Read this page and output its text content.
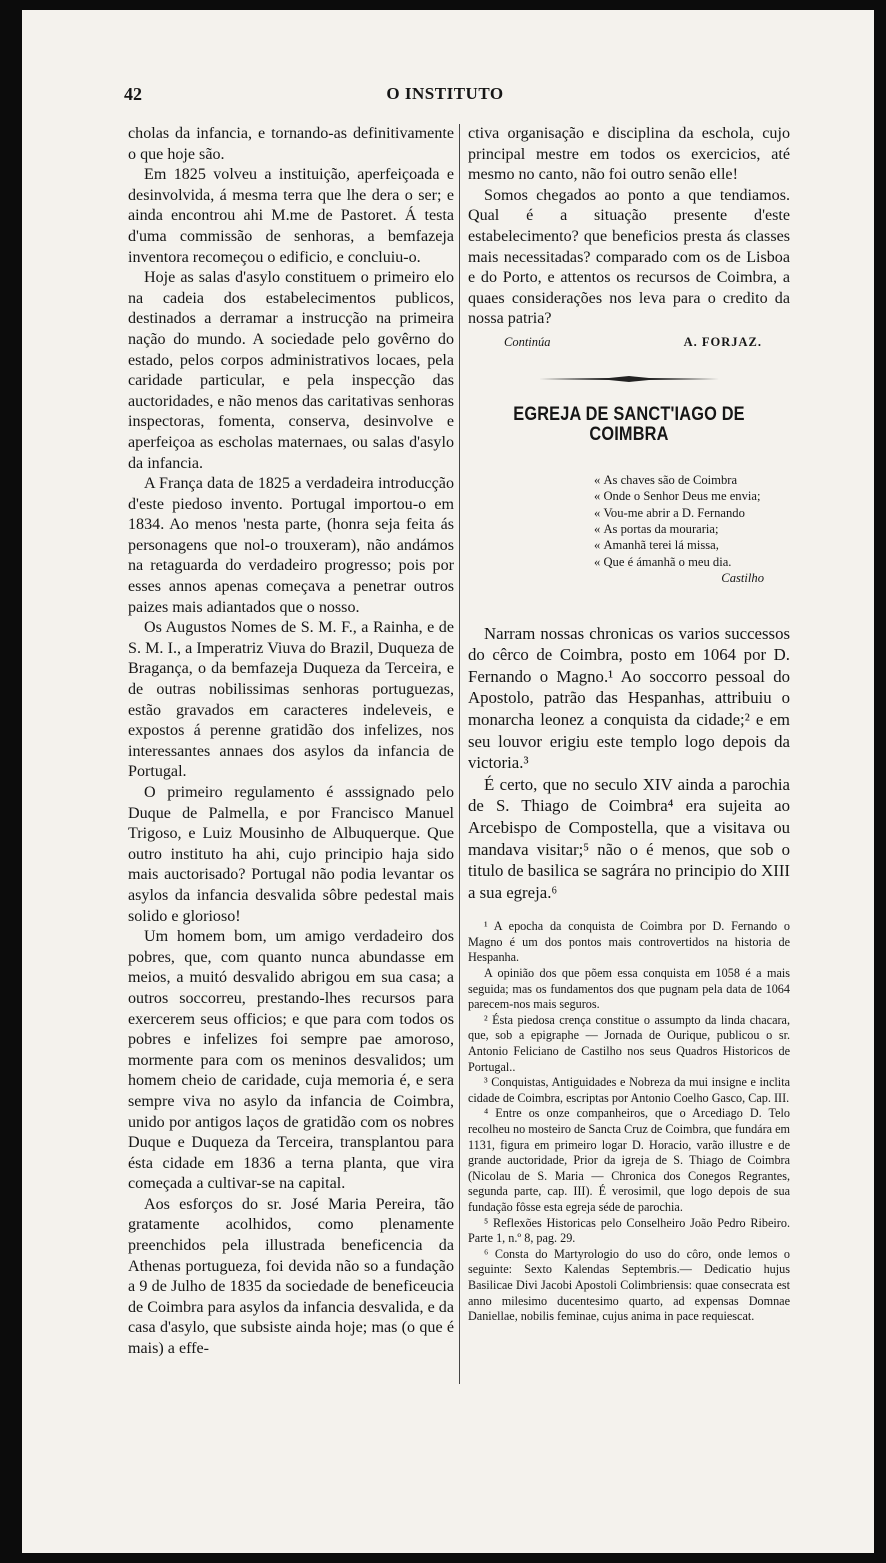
42	O INSTITUTO

cholas da infancia, e tornando-as definitivamente o que hoje são.

Em 1825 volveu a instituição, aperfeiçoada e desinvolvida, á mesma terra que lhe dera o ser; e ainda encontrou ahi M.me de Pastoret. Á testa d'uma commissão de senhoras, a bemfazeja inventora recomeçou o edificio, e concluiu-o.

Hoje as salas d'asylo constituem o primeiro elo na cadeia dos estabelecimentos publicos, destinados a derramar a instrucção na primeira nação do mundo. A sociedade pelo govêrno do estado, pelos corpos administrativos locaes, pela caridade particular, e pela inspecção das auctoridades, e não menos das caritativas senhoras inspectoras, fomenta, conserva, desinvolve e aperfeiçoa as escholas maternaes, ou salas d'asylo da infancia.

A França data de 1825 a verdadeira introducção d'este piedoso invento. Portugal importou-o em 1834. Ao menos 'nesta parte, (honra seja feita ás personagens que nol-o trouxeram), não andámos na retaguarda do verdadeiro progresso; pois por esses annos apenas começava a penetrar outros paizes mais adiantados que o nosso.

Os Augustos Nomes de S. M. F., a Rainha, e de S. M. I., a Imperatriz Viuva do Brazil, Duqueza de Bragança, o da bemfazeja Duqueza da Terceira, e de outras nobilissimas senhoras portuguezas, estão gravados em caracteres indeleveis, e expostos á perenne gratidão dos infelizes, nos interessantes annaes dos asylos da infancia de Portugal.

O primeiro regulamento é asssignado pelo Duque de Palmella, e por Francisco Manuel Trigoso, e Luiz Mousinho de Albuquerque. Que outro instituto ha ahi, cujo principio haja sido mais auctorisado? Portugal não podia levantar os asylos da infancia desvalida sôbre pedestal mais solido e glorioso!

Um homem bom, um amigo verdadeiro dos pobres, que, com quanto nunca abundasse em meios, a muitó desvalido abrigou em sua casa; a outros soccorreu, prestando-lhes recursos para exercerem seus officios; e que para com todos os pobres e infelizes foi sempre pae amoroso, mormente para com os meninos desvalidos; um homem cheio de caridade, cuja memoria é, e sera sempre viva no asylo da infancia de Coimbra, unido por antigos laços de gratidão com os nobres Duque e Duqueza da Terceira, transplantou para ésta cidade em 1836 a terna planta, que vira começada a cultivar-se na capital.

Aos esforços do sr. José Maria Pereira, tão gratamente acolhidos, como plenamente preenchidos pela illustrada beneficencia da Athenas portugueza, foi devida não so a fundação a 9 de Julho de 1835 da sociedade de beneficeucia de Coimbra para asylos da infancia desvalida, e da casa d'asylo, que subsiste ainda hoje; mas (o que é mais) a effe-

ctiva organisação e disciplina da eschola, cujo principal mestre em todos os exercicios, até mesmo no canto, não foi outro senão elle!

Somos chegados ao ponto a que tendiamos. Qual é a situação presente d'este estabelecimento? que beneficios presta ás classes mais necessitadas? comparado com os de Lisboa e do Porto, e attentos os recursos de Coimbra, a quaes considerações nos leva para o credito da nossa patria?

Continúa	A. FORJAZ.
EGREJA DE SANCT'IAGO DE COIMBRA
« As chaves são de Coimbra
« Onde o Senhor Deus me envia;
« Vou-me abrir a D. Fernando
« As portas da mouraria;
« Amanhã terei lá missa,
« Que é ámanhã o meu dia.
Castilho

Narram nossas chronicas os varios successos do cêrco de Coimbra, posto em 1064 por D. Fernando o Magno.¹ Ao soccorro pessoal do Apostolo, patrão das Hespanhas, attribuiu o monarcha leonez a conquista da cidade;² e em seu louvor erigiu este templo logo depois da victoria.³

É certo, que no seculo XIV ainda a parochia de S. Thiago de Coimbra⁴ era sujeita ao Arcebispo de Compostella, que a visitava ou mandava visitar;⁵ não o é menos, que sob o titulo de basilica se sagrára no principio do XIII a sua egreja.⁶

¹ A epocha da conquista de Coimbra por D. Fernando o Magno é um dos pontos mais controvertidos na historia de Hespanha.

A opinião dos que põem essa conquista em 1058 é a mais seguida; mas os fundamentos dos que pugnam pela data de 1064 parecem-nos mais seguros.

² Ésta piedosa crença constitue o assumpto da linda chacara, que, sob a epigraphe — Jornada de Ourique, publicou o sr. Antonio Feliciano de Castilho nos seus Quadros Historicos de Portugal..

³ Conquistas, Antiguidades e Nobreza da mui insigne e inclita cidade de Coimbra, escriptas por Antonio Coelho Gasco, Cap. III.

⁴ Entre os onze companheiros, que o Arcediago D. Telo recolheu no mosteiro de Sancta Cruz de Coimbra, que fundára em 1131, figura em primeiro logar D. Horacio, varão illustre e de grande auctoridade, Prior da igreja de S. Thiago de Coimbra (Nicolau de S. Maria — Chronica dos Conegos Regrantes, segunda parte, cap. III). É verosimil, que logo depois de sua fundação fôsse esta egreja séde de parochia.

⁵ Reflexões Historicas pelo Conselheiro João Pedro Ribeiro. Parte 1, n.º 8, pag. 29.

⁶ Consta do Martyrologio do uso do côro, onde lemos o seguinte: Sexto Kalendas Septembris.— Dedicatio hujus Basilicae Divi Jacobi Apostoli Colimbriensis: quae consecrata est anno milesimo ducentesimo quarto, ad expensas Domnae Daniellae, nobilis feminae, cujus anima in pace requiescat.
